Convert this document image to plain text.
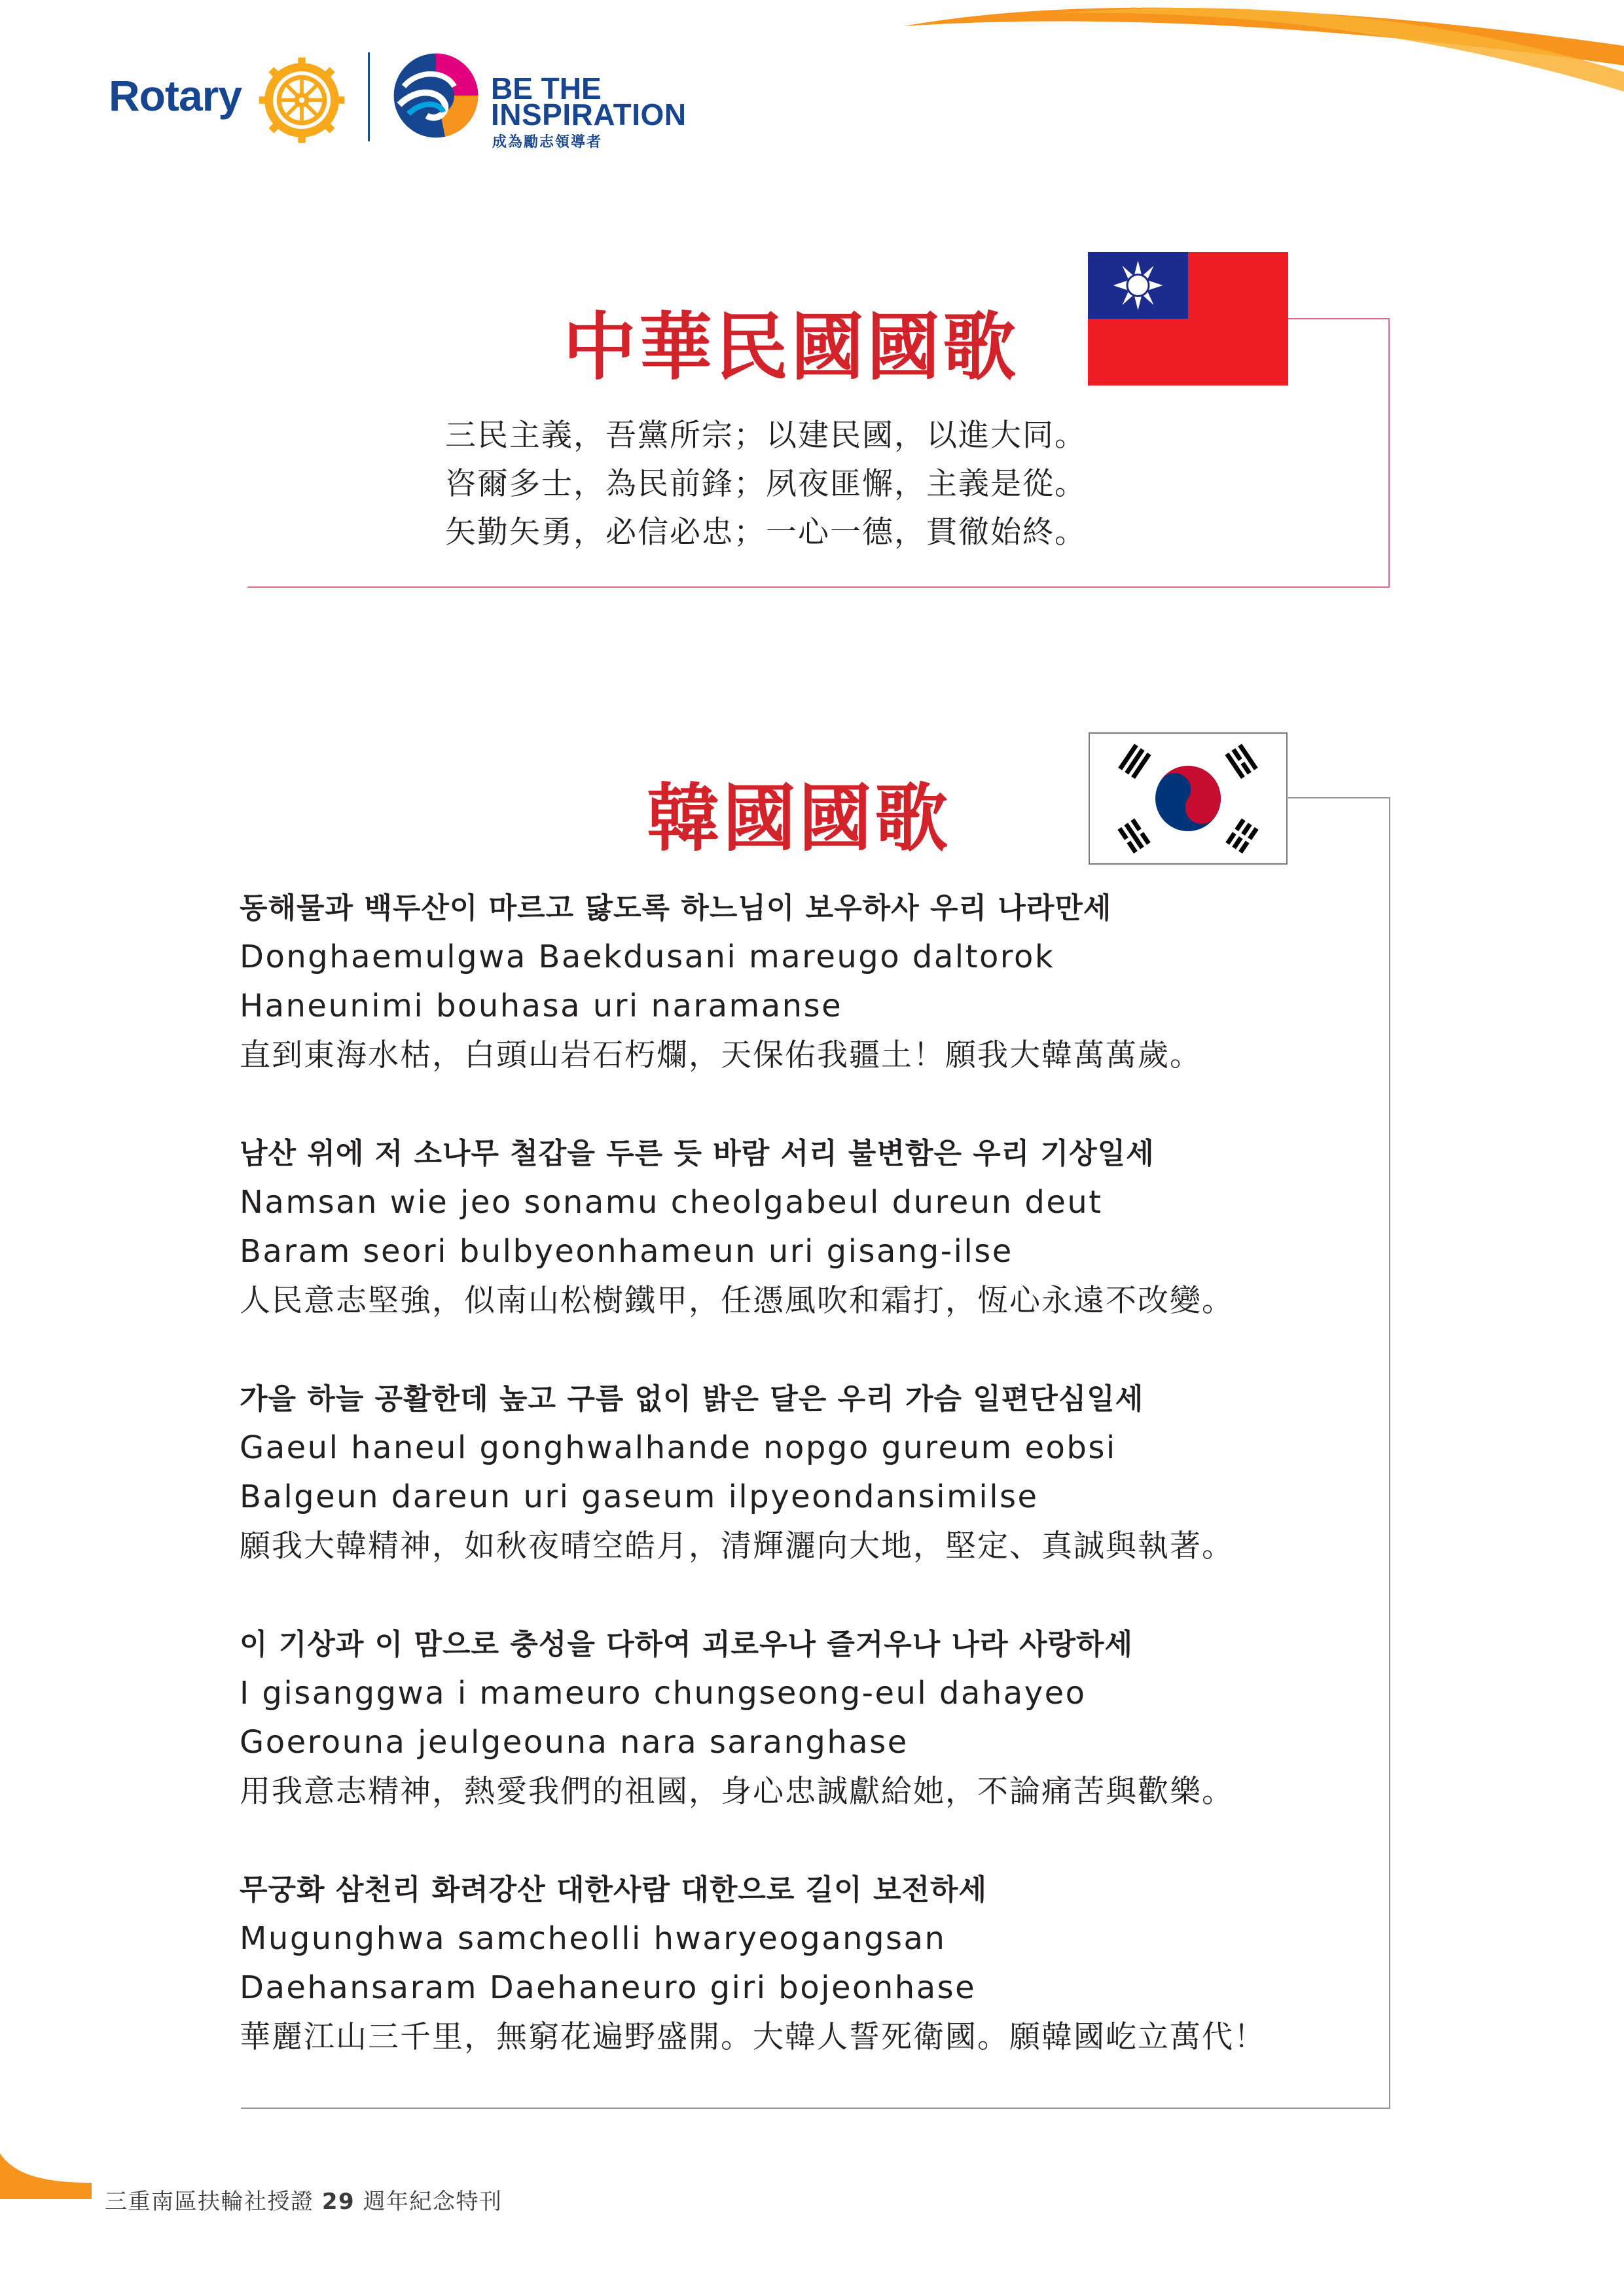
Rotary	BE THE
INSPIRATION
成為勵志領導者
中華民國國歌
三民主義，吾黨所宗；以建民國，以進大同。
咨爾多士，為民前鋒；夙夜匪懈，主義是從。
矢勤矢勇，必信必忠；一心一德，貫徹始終。
韓國國歌
동해물과 백두산이 마르고 닳도록 하느님이 보우하사 우리 나라만세
Donghaemulgwa Baekdusani mareugo daltorok
Haneunimi bouhasa uri naramanse
直到東海水枯，白頭山岩石朽爛，天保佑我疆土！願我大韓萬萬歲。
남산 위에 저 소나무 철갑을 두른 듯 바람 서리 불변함은 우리 기상일세
Namsan wie jeo sonamu cheolgabeul dureun deut
Baram seori bulbyeonhameun uri gisang-ilse
人民意志堅強，似南山松樹鐵甲，任憑風吹和霜打，恆心永遠不改變。
가을 하늘 공활한데 높고 구름 없이 밝은 달은 우리 가슴 일편단심일세
Gaeul haneul gonghwalhande nopgo gureum eobsi
Balgeun dareun uri gaseum ilpyeondansimilse
願我大韓精神，如秋夜晴空皓月，清輝灑向大地，堅定、真誠與執著。
이 기상과 이 맘으로 충성을 다하여 괴로우나 즐거우나 나라 사랑하세
I gisanggwa i mameuro chungseong-eul dahayeo
Goerouna jeulgeouna nara saranghase
用我意志精神，熱愛我們的祖國，身心忠誠獻給她，不論痛苦與歡樂。
무궁화 삼천리 화려강산 대한사람 대한으로 길이 보전하세
Mugunghwa samcheolli hwaryeogangsan
Daehansaram Daehaneuro giri bojeonhase
華麗江山三千里，無窮花遍野盛開。大韓人誓死衛國。願韓國屹立萬代！
三重南區扶輪社授證 29 週年紀念特刊
